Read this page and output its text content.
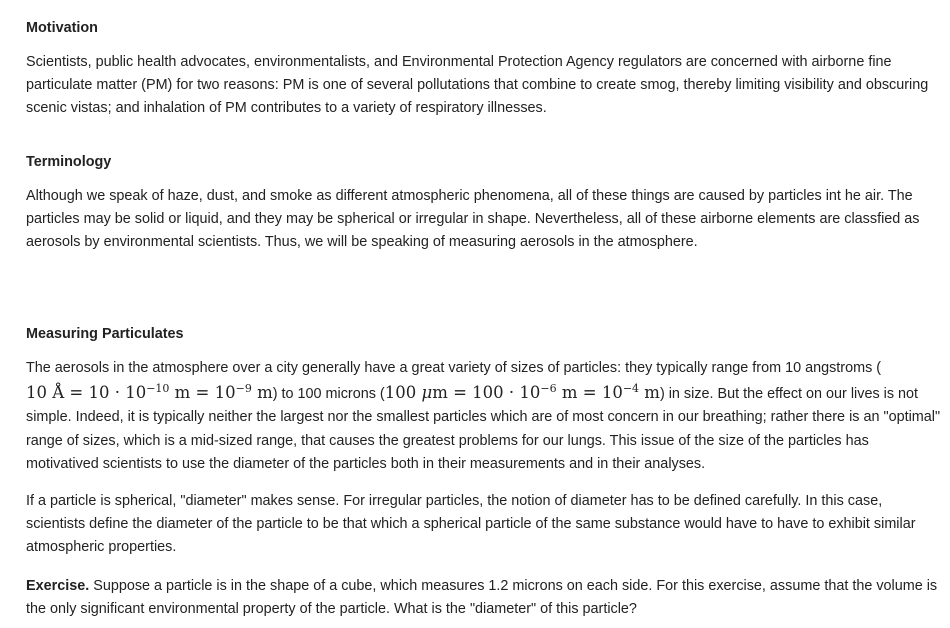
Motivation

Scientists, public health advocates, environmentalists, and Environmental Protection Agency regulators are concerned with airborne fine particulate matter (PM) for two reasons: PM is one of several pollutations that combine to create smog, thereby limiting visibility and obscuring scenic vistas; and inhalation of PM contributes to a variety of respiratory illnesses.

Terminology

Although we speak of haze, dust, and smoke as different atmospheric phenomena, all of these things are caused by particles int he air. The particles may be solid or liquid, and they may be spherical or irregular in shape. Nevertheless, all of these airborne elements are classfied as aerosols by environmental scientists. Thus, we will be speaking of measuring aerosols in the atmosphere.

Measuring Particulates

The aerosols in the atmosphere over a city generally have a great variety of sizes of particles: they typically range from 10 angstroms (
10 Å = $10 \cdot 10^{-10}$ $m = 10^{-9}$ m) to 100 microns (100 $\mu m = 100 \cdot 10^{-6}$ $m = 10^{-4}$ m) in size. But the effect on our lives is not simple. Indeed, it is typically neither the largest nor the smallest particles which are of most concern in our breathing; rather there is an "optimal" range of sizes, which is a mid-sized range, that causes the greatest problems for our lungs. This issue of the size of the particles has motivatived scientists to use the diameter of the particles both in their measurements and in their analyses.

If a particle is spherical, "diameter" makes sense. For irregular particles, the notion of diameter has to be defined carefully. In this case, scientists define the diameter of the particle to be that which a spherical particle of the same substance would have to have to exhibit similar atmospheric properties.

Exercise. Suppose a particle is in the shape of a cube, which measures 1.2 microns on each side. For this exercise, assume that the volume is the only significant environmental property of the particle. What is the "diameter" of this particle?
